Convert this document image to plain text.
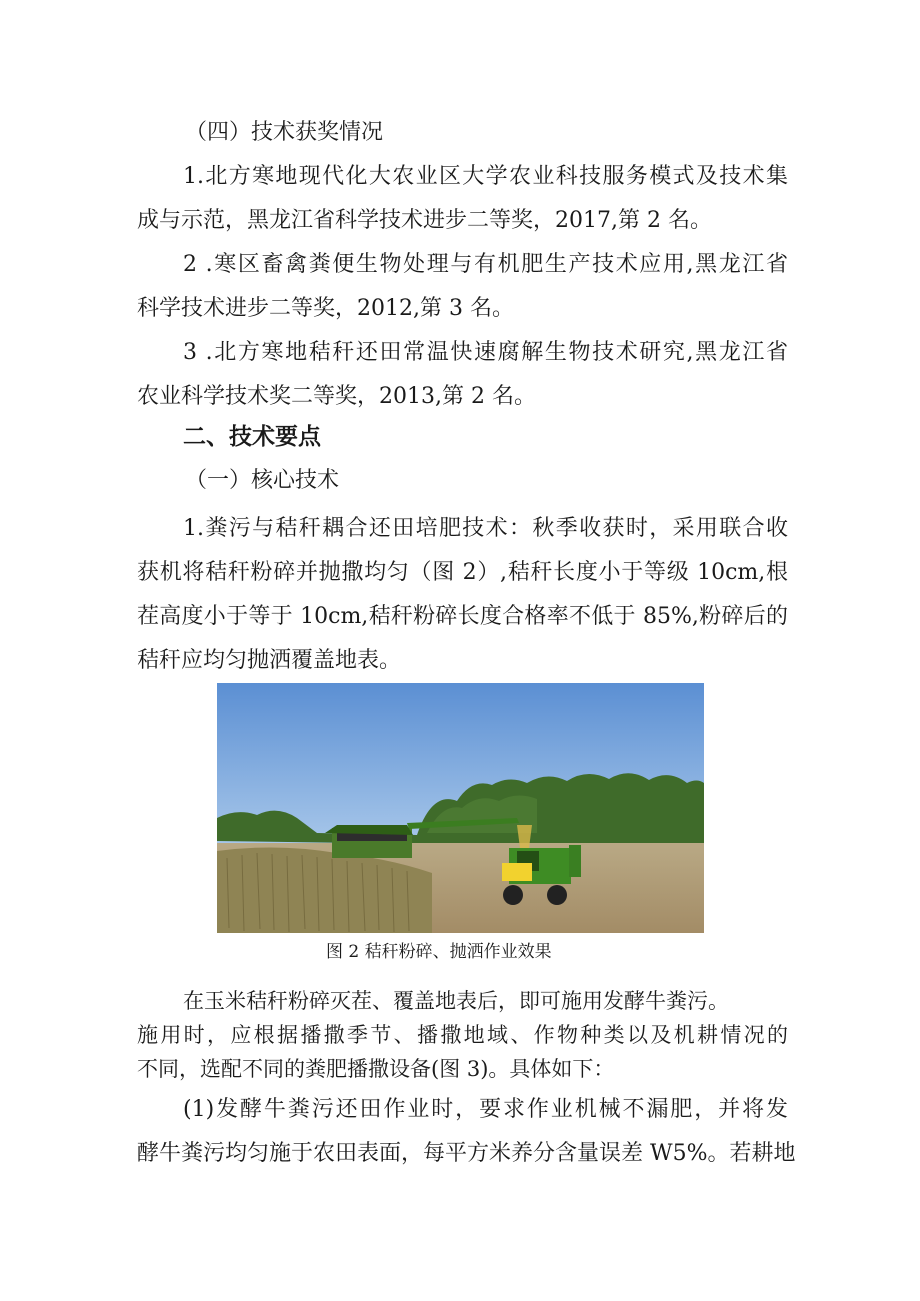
（四）技术获奖情况
1.北方寒地现代化大农业区大学农业科技服务模式及技术集
成与示范，黑龙江省科学技术进步二等奖，2017,第 2 名。
2 .寒区畜禽粪便生物处理与有机肥生产技术应用,黑龙江省
科学技术进步二等奖，2012,第 3 名。
3 .北方寒地秸秆还田常温快速腐解生物技术研究,黑龙江省
农业科学技术奖二等奖，2013,第 2 名。
二、技术要点
（一）核心技术
1.粪污与秸秆耦合还田培肥技术：秋季收获时，采用联合收
获机将秸秆粉碎并抛撒均匀（图 2）,秸秆长度小于等级 10cm,根
茬高度小于等于 10cm,秸秆粉碎长度合格率不低于 85%,粉碎后的
秸秆应均匀抛洒覆盖地表。
图 2 秸秆粉碎、抛洒作业效果
在玉米秸秆粉碎灭茬、覆盖地表后，即可施用发酵牛粪污。
施用时，应根据播撒季节、播撒地域、作物种类以及机耕情况的
不同，选配不同的粪肥播撒设备(图 3)。具体如下：
(1)发酵牛粪污还田作业时，要求作业机械不漏肥，并将发
酵牛粪污均匀施于农田表面，每平方米养分含量误差 W5%。若耕地
